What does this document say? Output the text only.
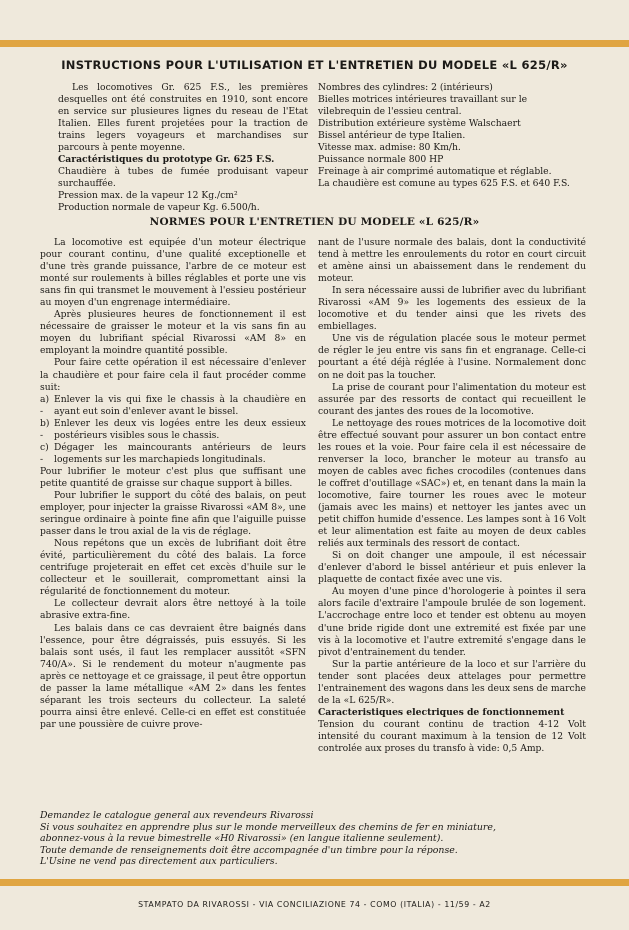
INSTRUCTIONS POUR L'UTILISATION ET L'ENTRETIEN DU MODELE «L 625/R»

Les locomotives Gr. 625 F.S., les premières desquelles ont été construites en 1910, sont encore en service sur plusieures lignes du reseau de l'Etat Italien. Elles furent projetées pour la traction de trains legers voyageurs et marchandises sur parcours à pente moyenne.

Caractéristiques du prototype Gr. 625 F.S.

Chaudière à tubes de fumée produisant vapeur surchauffée.

Pression max. de la vapeur 12 Kg./cm²

Production normale de vapeur Kg. 6.500/h.

Nombres des cylindres: 2 (intérieurs)

Bielles motrices intérieures travaillant sur le vilebrequin de l'essieu central.

Distribution extérieure système Walschaert

Bissel antérieur de type Italien.

Vitesse max. admise: 80 Km/h.

Puissance normale 800 HP

Freinage à air comprimé automatique et réglable.

La chaudière est comune au types 625 F.S. et 640 F.S.

NORMES POUR L'ENTRETIEN DU MODELE «L 625/R»

La locomotive est equipée d'un moteur électrique pour courant continu, d'une qualité exceptionelle et d'une très grande puissance, l'arbre de ce moteur est monté sur roulements à billes réglables et porte une vis sans fin qui transmet le mouvement à l'essieu postérieur au moyen d'un engrenage intermédiaire.

Après plusieures heures de fonctionnement il est nécessaire de graisser le moteur et la vis sans fin au moyen du lubrifiant spécial Rivarossi «AM 8» en employant la moindre quantité possible.

Pour faire cette opération il est nécessaire d'enlever la chaudière et pour faire cela il faut procéder comme suit:

a) -
Enlever la vis qui fixe le chassis à la chaudière en ayant eut soin d'enlever avant le bissel.
b) -
Enlever les deux vis logées entre les deux essieux postérieurs visibles sous le chassis.
c) -
Dégager les maincourants antérieurs de leurs logements sur les marchapieds longitudinals.

Pour lubrifier le moteur c'est plus que suffisant une petite quantité de graisse sur chaque support à billes.

Pour lubrifier le support du côté des balais, on peut employer, pour injecter la graisse Rivarossi «AM 8», une seringue ordinaire à pointe fine afin que l'aiguille puisse passer dans le trou axial de la vis de réglage.

Nous repétons que un excès de lubrifiant doit être évité, particulièrement du côté des balais. La force centrifuge projeterait en effet cet excès d'huile sur le collecteur et le souillerait, compromettant ainsi la régularité de fonctionnement du moteur.

Le collecteur devrait alors être nettoyé à la toile abrasive extra-fine.

Les balais dans ce cas devraient être baignés dans l'essence, pour être dégraissés, puis essuyés. Si les balais sont usés, il faut les remplacer aussitôt «SFN 740/A». Si le rendement du moteur n'augmente pas après ce nettoyage et ce graissage, il peut être opportun de passer la lame métallique «AM 2» dans les fentes séparant les trois secteurs du collecteur. La saleté pourra ainsi être enlevé. Celle-ci en effet est constituée par une poussière de cuivre prove-

nant de l'usure normale des balais, dont la conductivité tend à mettre les enroulements du rotor en court circuit et amène ainsi un abaissement dans le rendement du moteur.

In sera nécessaire aussi de lubrifier avec du lubrifiant Rivarossi «AM 9» les logements des essieux de la locomotive et du tender ainsi que les rivets des embiellages.

Une vis de régulation placée sous le moteur permet de régler le jeu entre vis sans fin et engranage. Celle-ci pourtant a été déjà réglée à l'usine. Normalement donc on ne doit pas la toucher.

La prise de courant pour l'alimentation du moteur est assurée par des ressorts de contact qui recueillent le courant des jantes des roues de la locomotive.

Le nettoyage des roues motrices de la locomotive doit être effectué souvant pour assurer un bon contact entre les roues et la voie. Pour faire cela il est nécessaire de renverser la loco, brancher le moteur au transfo au moyen de cables avec fiches crocodiles (contenues dans le coffret d'outillage «SAC») et, en tenant dans la main la locomotive, faire tourner les roues avec le moteur (jamais avec les mains) et nettoyer les jantes avec un petit chiffon humide d'essence. Les lampes sont à 16 Volt et leur alimentation est faite au moyen de deux cables reliés aux terminals des ressort de contact.

Si on doit changer une ampoule, il est nécessair d'enlever d'abord le bissel antérieur et puis enlever la plaquette de contact fixée avec une vis.

Au moyen d'une pince d'horologerie à pointes il sera alors facile d'extraire l'ampoule brulée de son logement. L'accrochage entre loco et tender est obtenu au moyen d'une bride rigide dont une extremité est fixée par une vis à la locomotive et l'autre extremité s'engage dans le pivot d'entrainement du tender.

Sur la partie antérieure de la loco et sur l'arrière du tender sont placées deux attelages pour permettre l'entrainement des wagons dans les deux sens de marche de la «L 625/R».

Caracteristiques electriques de fonctionnement

Tension du courant continu de traction 4-12 Volt intensité du courant maximum à la tension de 12 Volt controlée aux proses du transfo à vide: 0,5 Amp.

Demandez le catalogue general aux revendeurs Rivarossi

Si vous souhaitez en apprendre plus sur le monde merveilleux des chemins de fer en miniature,

abonnez-vous à la revue bimestrelle «H0 Rivarossi» (en langue italienne seulement).

Toute demande de renseignements doit être accompagnée d'un timbre pour la réponse.

L'Usine ne vend pas directement aux particuliers.

STAMPATO DA RIVAROSSI - VIA CONCILIAZIONE 74 - COMO (ITALIA) - 11/59 - A2
